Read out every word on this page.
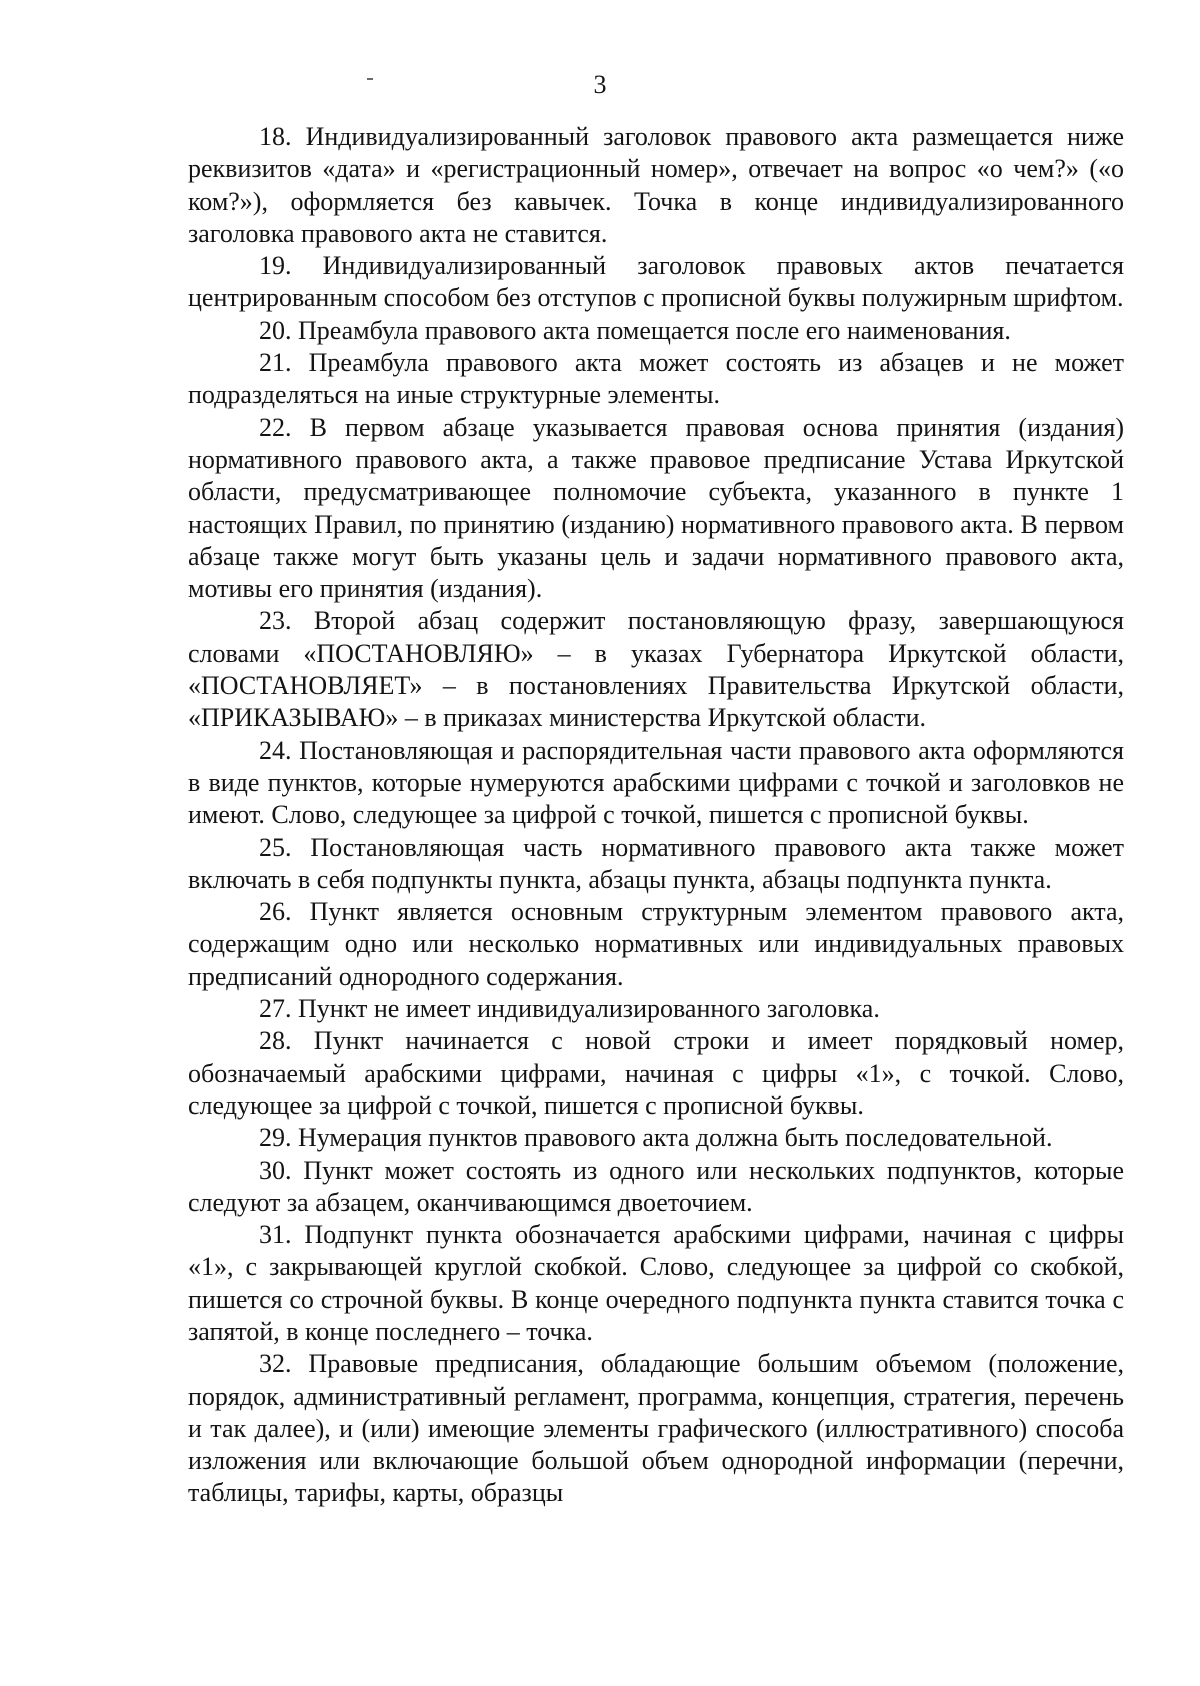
3

18. Индивидуализированный заголовок правового акта размещается ниже реквизитов «дата» и «регистрационный номер», отвечает на вопрос «о чем?» («о ком?»), оформляется без кавычек. Точка в конце индивидуализированного заголовка правового акта не ставится.

19. Индивидуализированный заголовок правовых актов печатается центрированным способом без отступов с прописной буквы полужирным шрифтом.

20. Преамбула правового акта помещается после его наименования.

21. Преамбула правового акта может состоять из абзацев и не может подразделяться на иные структурные элементы.

22. В первом абзаце указывается правовая основа принятия (издания) нормативного правового акта, а также правовое предписание Устава Иркутской области, предусматривающее полномочие субъекта, указанного в пункте 1 настоящих Правил, по принятию (изданию) нормативного правового акта. В первом абзаце также могут быть указаны цель и задачи нормативного правового акта, мотивы его принятия (издания).

23. Второй абзац содержит постановляющую фразу, завершающуюся словами «ПОСТАНОВЛЯЮ» – в указах Губернатора Иркутской области, «ПОСТАНОВЛЯЕТ» – в постановлениях Правительства Иркутской области, «ПРИКАЗЫВАЮ» – в приказах министерства Иркутской области.

24. Постановляющая и распорядительная части правового акта оформляются в виде пунктов, которые нумеруются арабскими цифрами с точкой и заголовков не имеют. Слово, следующее за цифрой с точкой, пишется с прописной буквы.

25. Постановляющая часть нормативного правового акта также может включать в себя подпункты пункта, абзацы пункта, абзацы подпункта пункта.

26. Пункт является основным структурным элементом правового акта, содержащим одно или несколько нормативных или индивидуальных правовых предписаний однородного содержания.

27. Пункт не имеет индивидуализированного заголовка.

28. Пункт начинается с новой строки и имеет порядковый номер, обозначаемый арабскими цифрами, начиная с цифры «1», с точкой. Слово, следующее за цифрой с точкой, пишется с прописной буквы.

29. Нумерация пунктов правового акта должна быть последовательной.

30. Пункт может состоять из одного или нескольких подпунктов, которые следуют за абзацем, оканчивающимся двоеточием.

31. Подпункт пункта обозначается арабскими цифрами, начиная с цифры «1», с закрывающей круглой скобкой. Слово, следующее за цифрой со скобкой, пишется со строчной буквы. В конце очередного подпункта пункта ставится точка с запятой, в конце последнего – точка.

32. Правовые предписания, обладающие большим объемом (положение, порядок, административный регламент, программа, концепция, стратегия, перечень и так далее), и (или) имеющие элементы графического (иллюстративного) способа изложения или включающие большой объем однородной информации (перечни, таблицы, тарифы, карты, образцы
